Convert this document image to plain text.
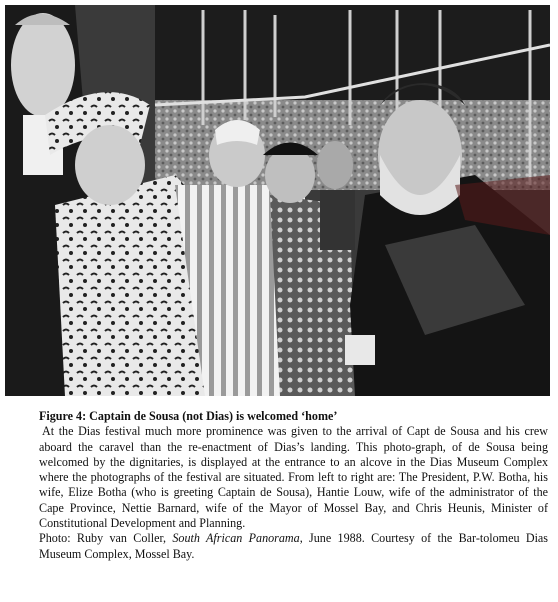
Figure 4: Captain de Sousa (not Dias) is welcomed ‘home’

At the Dias festival much more prominence was given to the arrival of Capt de Sousa and his crew aboard the caravel than the re-enactment of Dias’s landing. This photo-graph, of de Sousa being welcomed by the dignitaries, is displayed at the entrance to an alcove in the Dias Museum Complex where the photographs of the festival are situated. From left to right are: The President, P.W. Botha, his wife, Elize Botha (who is greeting Captain de Sousa), Hantie Louw, wife of the administrator of the Cape Province, Nettie Barnard, wife of the Mayor of Mossel Bay, and Chris Heunis, Minister of Constitutional Development and Planning.

Photo: Ruby van Coller, South African Panorama, June 1988. Courtesy of the Bar-tolomeu Dias Museum Complex, Mossel Bay.
